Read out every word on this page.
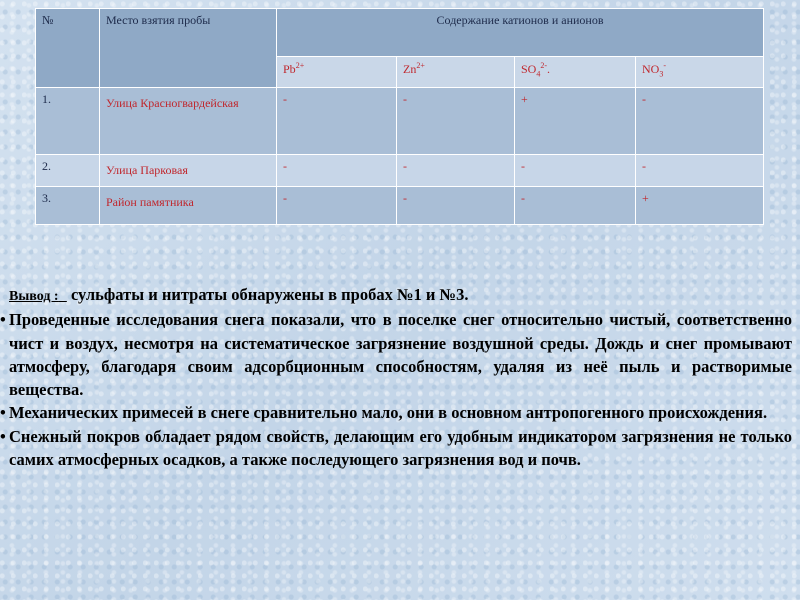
№	Место взятия пробы	Содержание катионов и анионов			
		$Pb^{2+}$	$Zn^{2+}$	$SO_4^{2-}$.	$NO_3^-$
1.	Улица Красногвардейская	-	-	+	-
2.	Улица Парковая	-	-	-	-
3.	Район памятника	-	-	-	+

Вывод : сульфаты и нитраты обнаружены в пробах №1 и №3.

• Проведенные исследования снега показали, что в поселке снег относительно чистый, соответственно чист и воздух, несмотря на систематическое загрязнение воздушной среды. Дождь и снег промывают атмосферу, благодаря своим адсорбционным способностям, удаляя из неё пыль и растворимые вещества.

• Механических примесей в снеге сравнительно мало, они в основном антропогенного происхождения.

• Снежный покров обладает рядом свойств, делающим его удобным индикатором загрязнения не только самих атмосферных осадков, а также последующего загрязнения вод и почв.
